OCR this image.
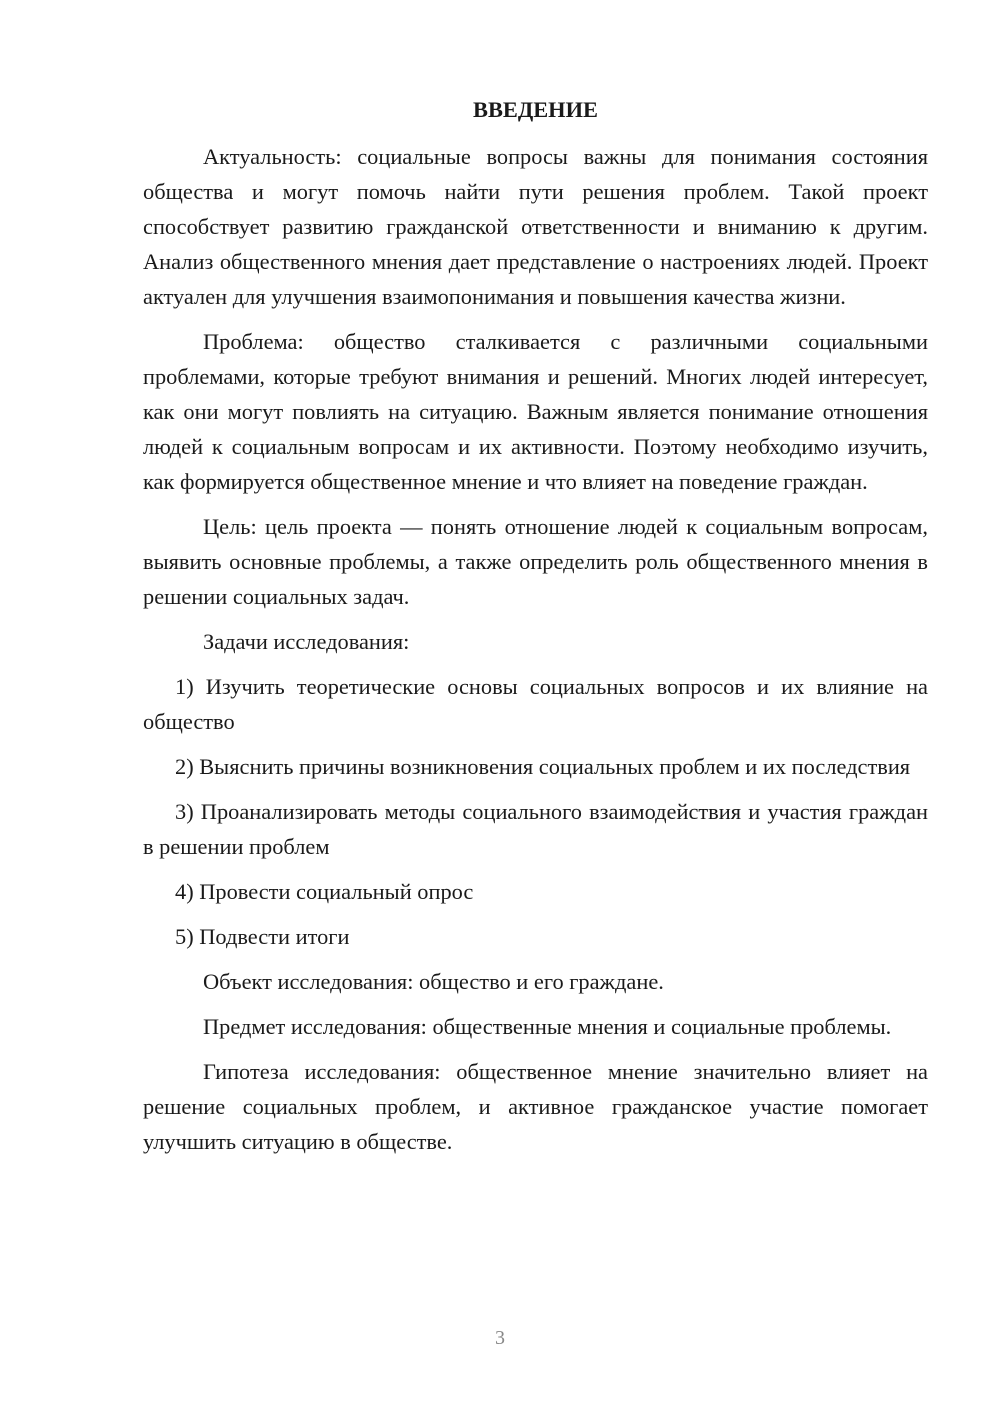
ВВЕДЕНИЕ

Актуальность: социальные вопросы важны для понимания состояния общества и могут помочь найти пути решения проблем. Такой проект способствует развитию гражданской ответственности и вниманию к другим. Анализ общественного мнения дает представление о настроениях людей. Проект актуален для улучшения взаимопонимания и повышения качества жизни.

Проблема: общество сталкивается с различными социальными проблемами, которые требуют внимания и решений. Многих людей интересует, как они могут повлиять на ситуацию. Важным является понимание отношения людей к социальным вопросам и их активности. Поэтому необходимо изучить, как формируется общественное мнение и что влияет на поведение граждан.

Цель: цель проекта — понять отношение людей к социальным вопросам, выявить основные проблемы, а также определить роль общественного мнения в решении социальных задач.

Задачи исследования:

1) Изучить теоретические основы социальных вопросов и их влияние на общество

2) Выяснить причины возникновения социальных проблем и их последствия

3) Проанализировать методы социального взаимодействия и участия граждан в решении проблем

4) Провести социальный опрос

5) Подвести итоги

Объект исследования: общество и его граждане.

Предмет исследования: общественные мнения и социальные проблемы.

Гипотеза исследования: общественное мнение значительно влияет на решение социальных проблем, и активное гражданское участие помогает улучшить ситуацию в обществе.

3
